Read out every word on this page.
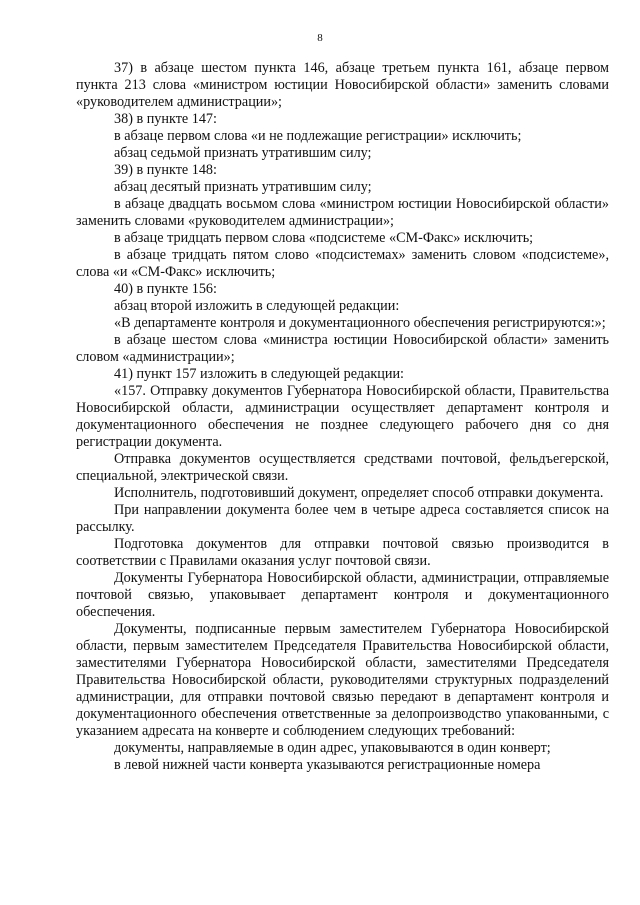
8

37) в абзаце шестом пункта 146, абзаце третьем пункта 161, абзаце первом пункта 213 слова «министром юстиции Новосибирской области» заменить словами «руководителем администрации»;

38) в пункте 147:

в абзаце первом слова «и не подлежащие регистрации» исключить;

абзац седьмой признать утратившим силу;

39) в пункте 148:

абзац десятый признать утратившим силу;

в абзаце двадцать восьмом слова «министром юстиции Новосибирской области» заменить словами «руководителем администрации»;

в абзаце тридцать первом слова «подсистеме «СМ-Факс» исключить;

в абзаце тридцать пятом слово «подсистемах» заменить словом «подсистеме», слова «и «СМ-Факс» исключить;

40) в пункте 156:

абзац второй изложить в следующей редакции:

«В департаменте контроля и документационного обеспечения регистрируются:»;

в абзаце шестом слова «министра юстиции Новосибирской области» заменить словом «администрации»;

41) пункт 157 изложить в следующей редакции:

«157. Отправку документов Губернатора Новосибирской области, Правительства Новосибирской области, администрации осуществляет департамент контроля и документационного обеспечения не позднее следующего рабочего дня со дня регистрации документа.

Отправка документов осуществляется средствами почтовой, фельдъегерской, специальной, электрической связи.

Исполнитель, подготовивший документ, определяет способ отправки документа.

При направлении документа более чем в четыре адреса составляется список на рассылку.

Подготовка документов для отправки почтовой связью производится в соответствии с Правилами оказания услуг почтовой связи.

Документы Губернатора Новосибирской области, администрации, отправляемые почтовой связью, упаковывает департамент контроля и документационного обеспечения.

Документы, подписанные первым заместителем Губернатора Новосибирской области, первым заместителем Председателя Правительства Новосибирской области, заместителями Губернатора Новосибирской области, заместителями Председателя Правительства Новосибирской области, руководителями структурных подразделений администрации, для отправки почтовой связью передают в департамент контроля и документационного обеспечения ответственные за делопроизводство упакованными, с указанием адресата на конверте и соблюдением следующих требований:

документы, направляемые в один адрес, упаковываются в один конверт;

в левой нижней части конверта указываются регистрационные номера
